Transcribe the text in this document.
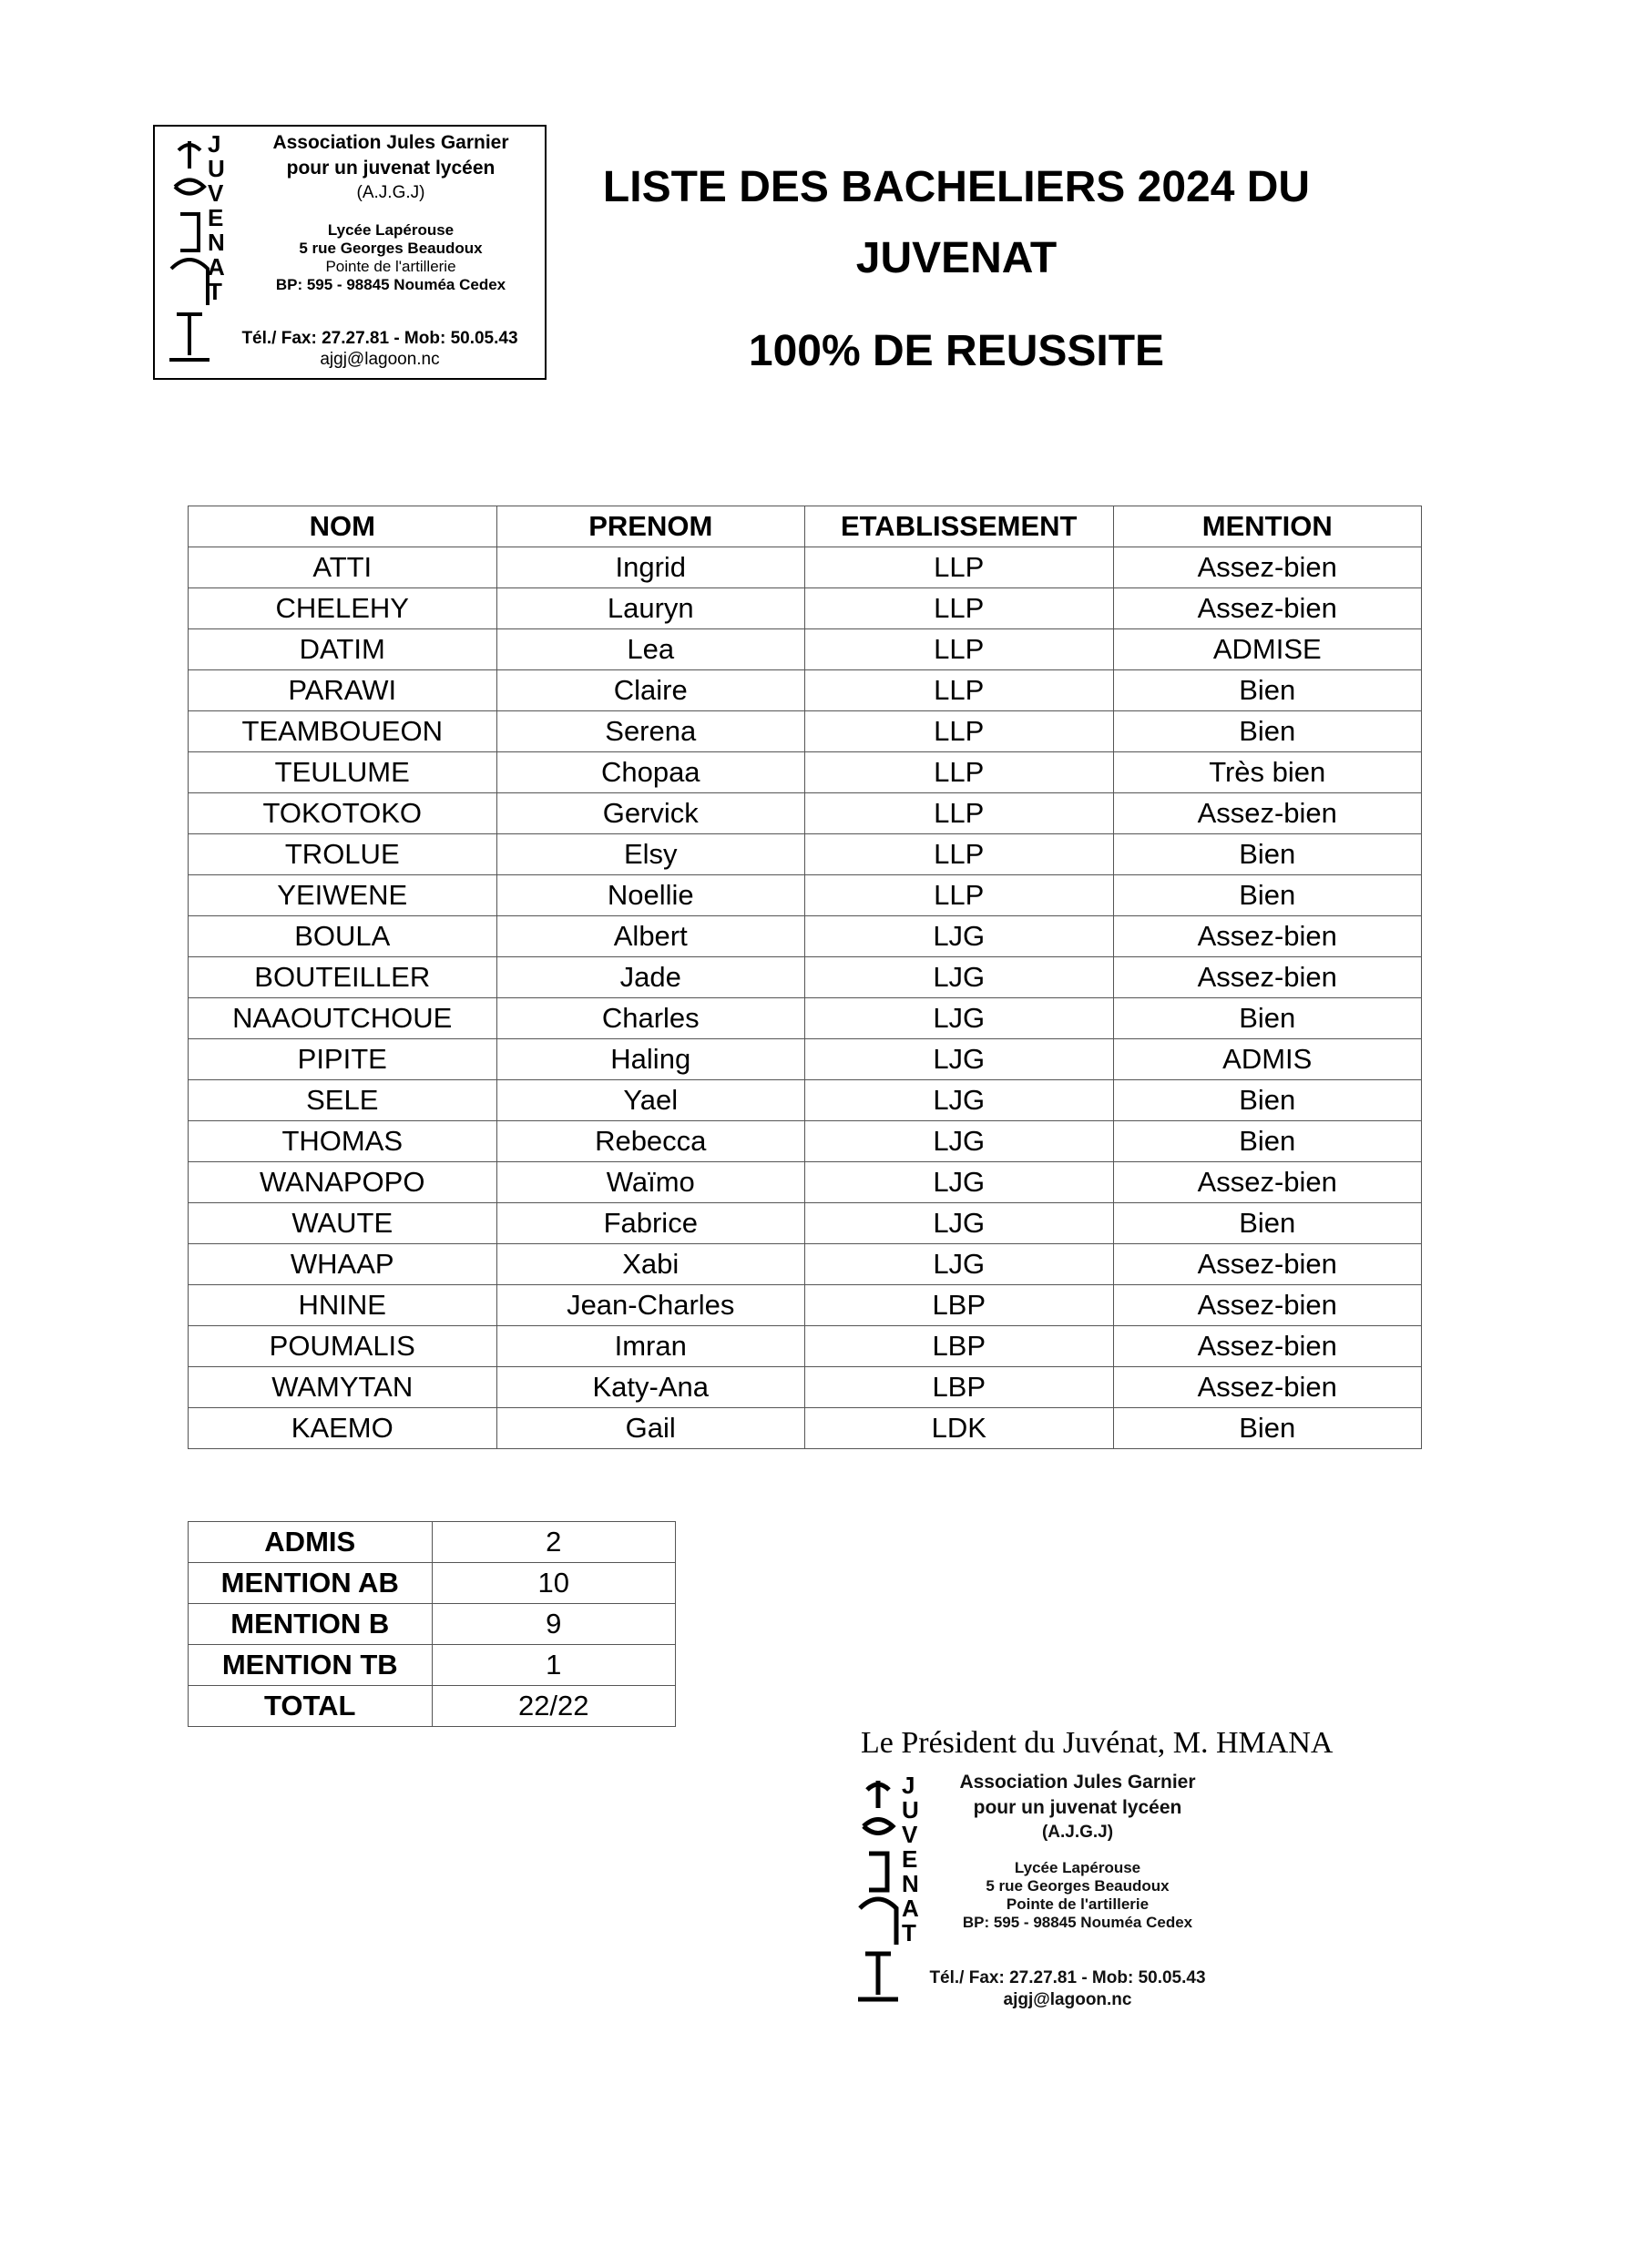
J
U
V
E
N
A
T
Association Jules Garnier
pour un juvenat lycéen
(A.J.G.J)
Lycée Lapérouse
5 rue Georges Beaudoux
Pointe de l'artillerie
BP: 595 - 98845 Nouméa Cedex
Tél./ Fax: 27.27.81 - Mob: 50.05.43
ajgj@lagoon.nc
LISTE DES BACHELIERS 2024 DU
JUVENAT
100% DE REUSSITE
NOM	PRENOM	ETABLISSEMENT	MENTION
ATTI	Ingrid	LLP	Assez-bien
CHELEHY	Lauryn	LLP	Assez-bien
DATIM	Lea	LLP	ADMISE
PARAWI	Claire	LLP	Bien
TEAMBOUEON	Serena	LLP	Bien
TEULUME	Chopaa	LLP	Très bien
TOKOTOKO	Gervick	LLP	Assez-bien
TROLUE	Elsy	LLP	Bien
YEIWENE	Noellie	LLP	Bien
BOULA	Albert	LJG	Assez-bien
BOUTEILLER	Jade	LJG	Assez-bien
NAAOUTCHOUE	Charles	LJG	Bien
PIPITE	Haling	LJG	ADMIS
SELE	Yael	LJG	Bien
THOMAS	Rebecca	LJG	Bien
WANAPOPO	Waïmo	LJG	Assez-bien
WAUTE	Fabrice	LJG	Bien
WHAAP	Xabi	LJG	Assez-bien
HNINE	Jean-Charles	LBP	Assez-bien
POUMALIS	Imran	LBP	Assez-bien
WAMYTAN	Katy-Ana	LBP	Assez-bien
KAEMO	Gail	LDK	Bien
ADMIS	2
MENTION AB	10
MENTION B	9
MENTION TB	1
TOTAL	22/22
Le Président du Juvénat, M. HMANA
J
U
V
E
N
A
T
Association Jules Garnier
pour un juvenat lycéen
(A.J.G.J)
Lycée Lapérouse
5 rue Georges Beaudoux
Pointe de l'artillerie
BP: 595 - 98845 Nouméa Cedex
Tél./ Fax: 27.27.81 - Mob: 50.05.43
ajgj@lagoon.nc
